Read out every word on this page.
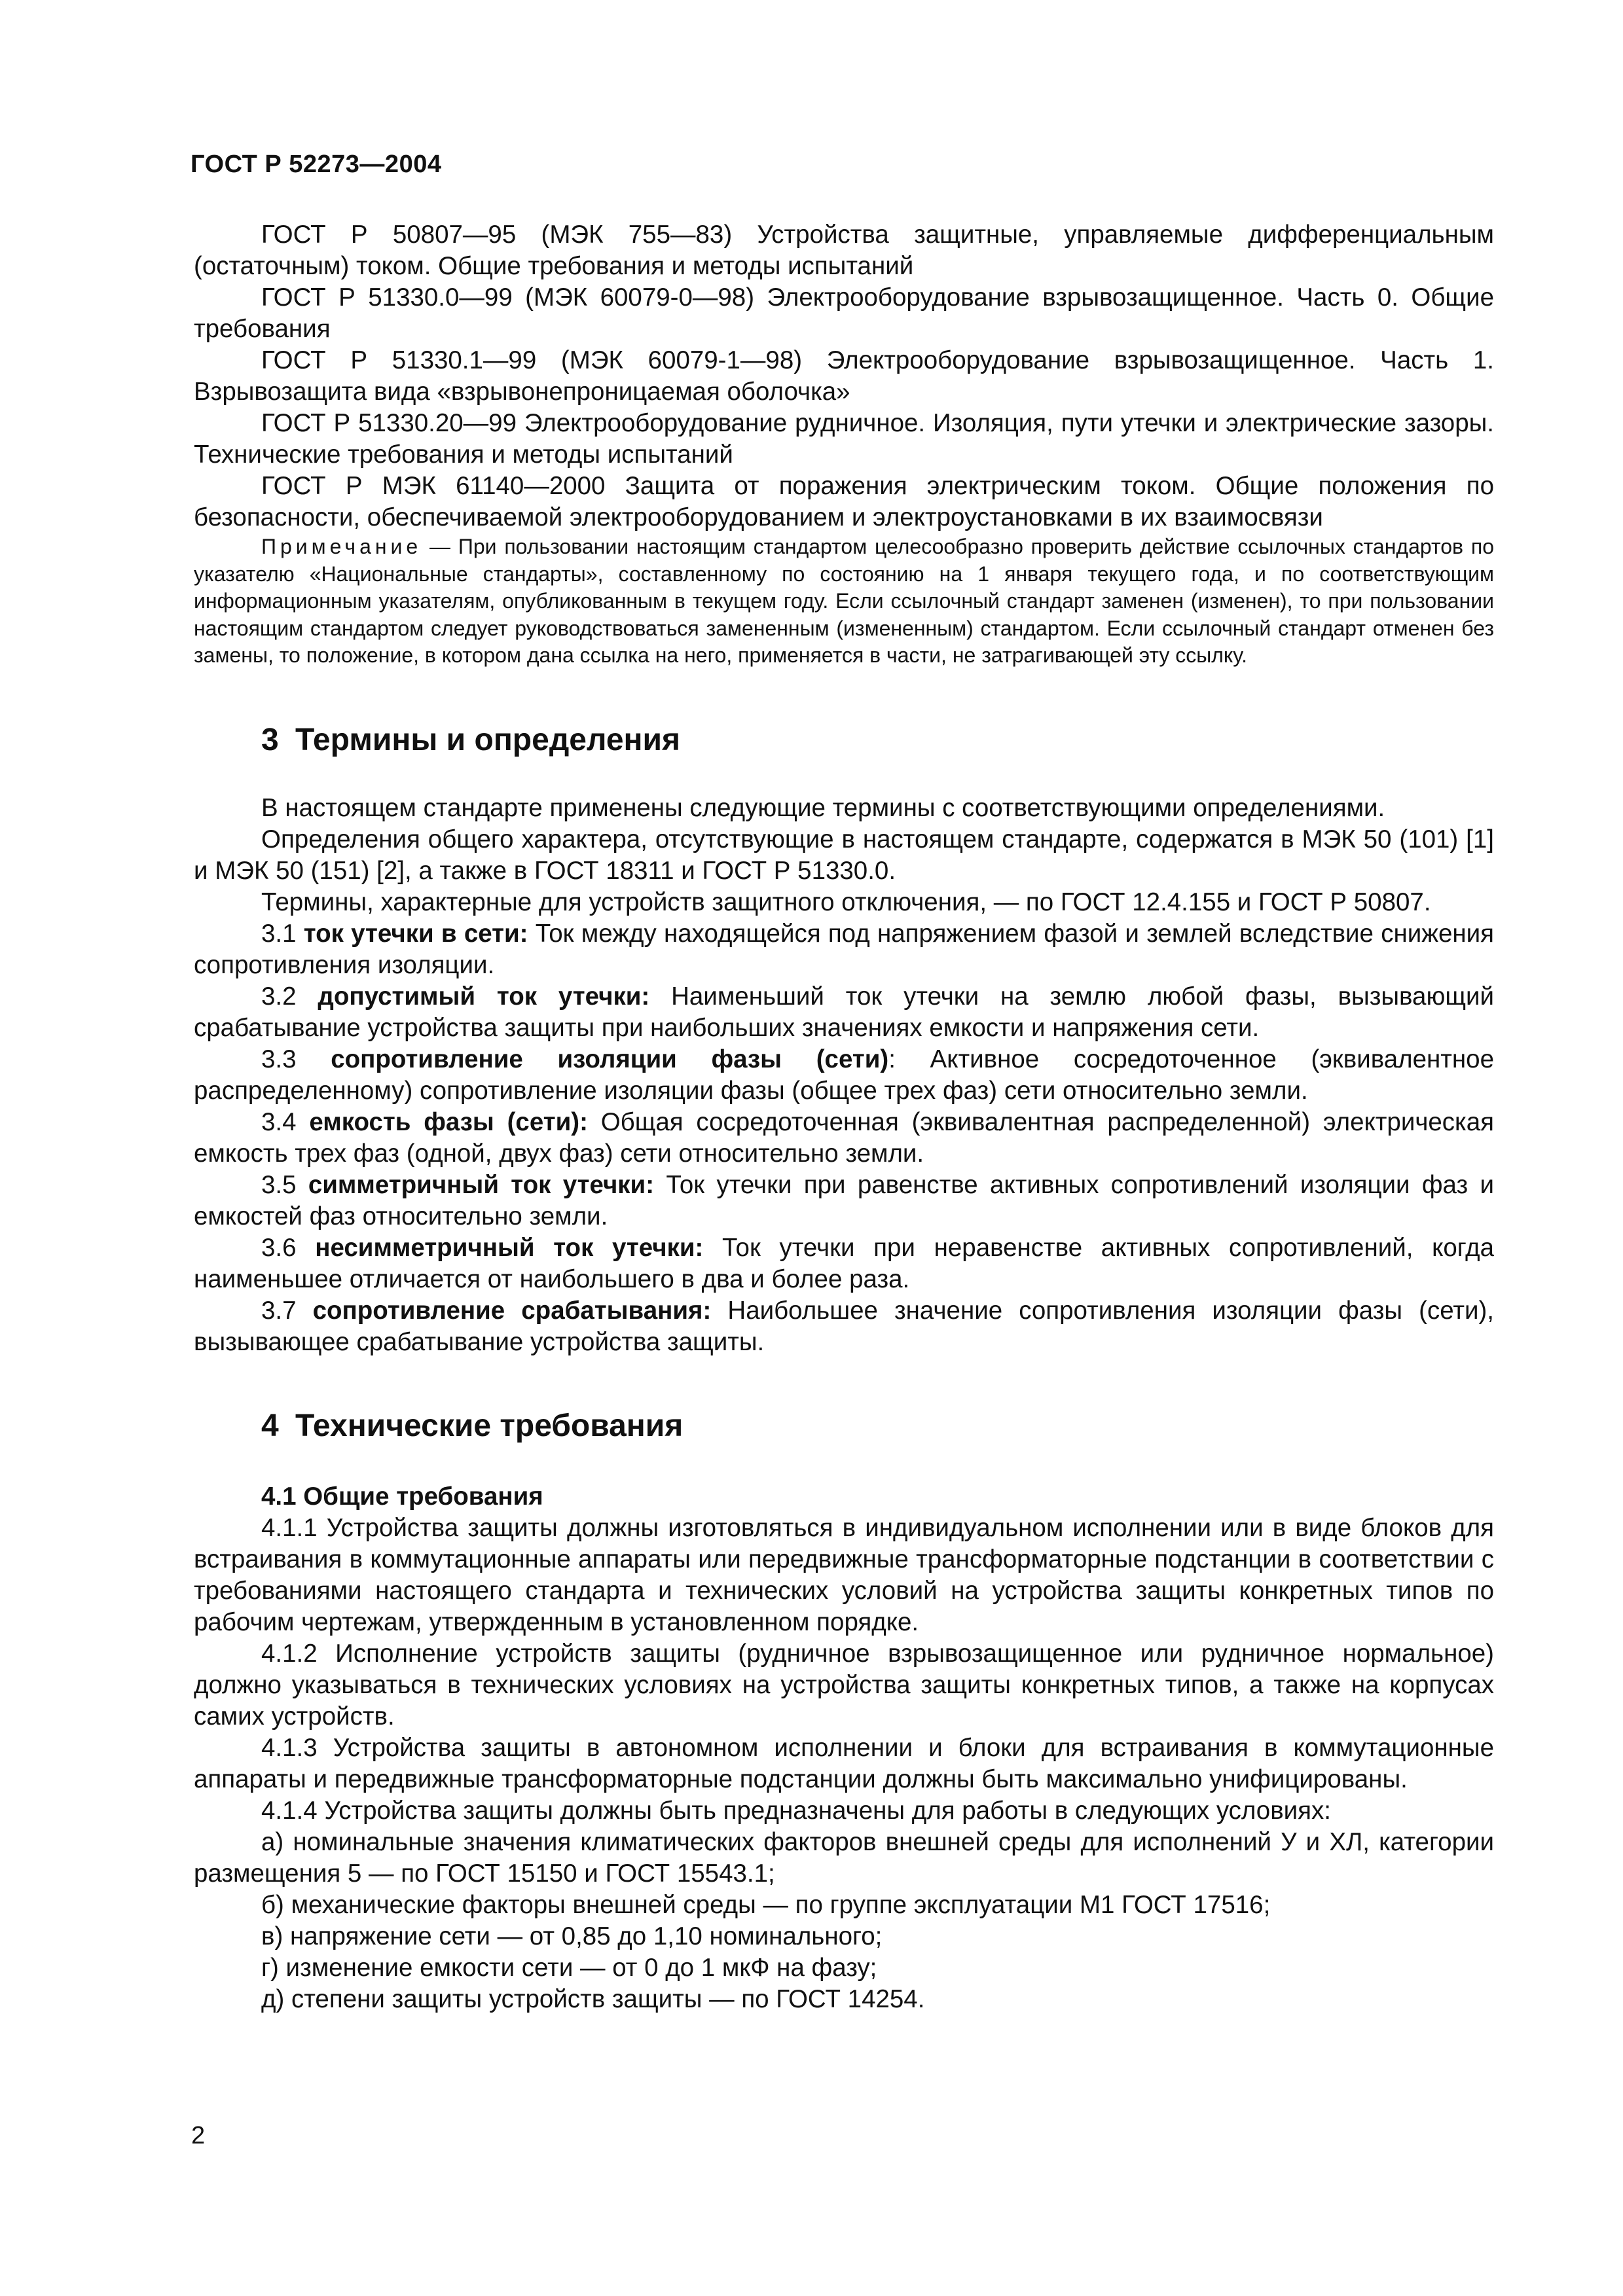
ГОСТ Р 52273—2004

ГОСТ Р 50807—95 (МЭК 755—83) Устройства защитные, управляемые дифференциальным (остаточным) током. Общие требования и методы испытаний

ГОСТ Р 51330.0—99 (МЭК 60079-0—98) Электрооборудование взрывозащищенное. Часть 0. Общие требования

ГОСТ Р 51330.1—99 (МЭК 60079-1—98) Электрооборудование взрывозащищенное. Часть 1. Взрывозащита вида «взрывонепроницаемая оболочка»

ГОСТ Р 51330.20—99 Электрооборудование рудничное. Изоляция, пути утечки и электрические зазоры. Технические требования и методы испытаний

ГОСТ Р МЭК 61140—2000 Защита от поражения электрическим током. Общие положения по безопасности, обеспечиваемой электрооборудованием и электроустановками в их взаимосвязи

Примечание — При пользовании настоящим стандартом целесообразно проверить действие ссылочных стандартов по указателю «Национальные стандарты», составленному по состоянию на 1 января текущего года, и по соответствующим информационным указателям, опубликованным в текущем году. Если ссылочный стандарт заменен (изменен), то при пользовании настоящим стандартом следует руководствоваться замененным (измененным) стандартом. Если ссылочный стандарт отменен без замены, то положение, в котором дана ссылка на него, применяется в части, не затрагивающей эту ссылку.

3 Термины и определения

В настоящем стандарте применены следующие термины с соответствующими определениями.

Определения общего характера, отсутствующие в настоящем стандарте, содержатся в МЭК 50 (101) [1] и МЭК 50 (151) [2], а также в ГОСТ 18311 и ГОСТ Р 51330.0.

Термины, характерные для устройств защитного отключения, — по ГОСТ 12.4.155 и ГОСТ Р 50807.

3.1 ток утечки в сети: Ток между находящейся под напряжением фазой и землей вследствие снижения сопротивления изоляции.

3.2 допустимый ток утечки: Наименьший ток утечки на землю любой фазы, вызывающий срабатывание устройства защиты при наибольших значениях емкости и напряжения сети.

3.3 сопротивление изоляции фазы (сети): Активное сосредоточенное (эквивалентное распределенному) сопротивление изоляции фазы (общее трех фаз) сети относительно земли.

3.4 емкость фазы (сети): Общая сосредоточенная (эквивалентная распределенной) электрическая емкость трех фаз (одной, двух фаз) сети относительно земли.

3.5 симметричный ток утечки: Ток утечки при равенстве активных сопротивлений изоляции фаз и емкостей фаз относительно земли.

3.6 несимметричный ток утечки: Ток утечки при неравенстве активных сопротивлений, когда наименьшее отличается от наибольшего в два и более раза.

3.7 сопротивление срабатывания: Наибольшее значение сопротивления изоляции фазы (сети), вызывающее срабатывание устройства защиты.

4 Технические требования

4.1 Общие требования

4.1.1 Устройства защиты должны изготовляться в индивидуальном исполнении или в виде блоков для встраивания в коммутационные аппараты или передвижные трансформаторные подстанции в соответствии с требованиями настоящего стандарта и технических условий на устройства защиты конкретных типов по рабочим чертежам, утвержденным в установленном порядке.

4.1.2 Исполнение устройств защиты (рудничное взрывозащищенное или рудничное нормальное) должно указываться в технических условиях на устройства защиты конкретных типов, а также на корпусах самих устройств.

4.1.3 Устройства защиты в автономном исполнении и блоки для встраивания в коммутационные аппараты и передвижные трансформаторные подстанции должны быть максимально унифицированы.

4.1.4 Устройства защиты должны быть предназначены для работы в следующих условиях:

а) номинальные значения климатических факторов внешней среды для исполнений У и ХЛ, категории размещения 5 — по ГОСТ 15150 и ГОСТ 15543.1;

б) механические факторы внешней среды — по группе эксплуатации М1 ГОСТ 17516;

в) напряжение сети — от 0,85 до 1,10 номинального;

г) изменение емкости сети — от 0 до 1 мкФ на фазу;

д) степени защиты устройств защиты — по ГОСТ 14254.

2
